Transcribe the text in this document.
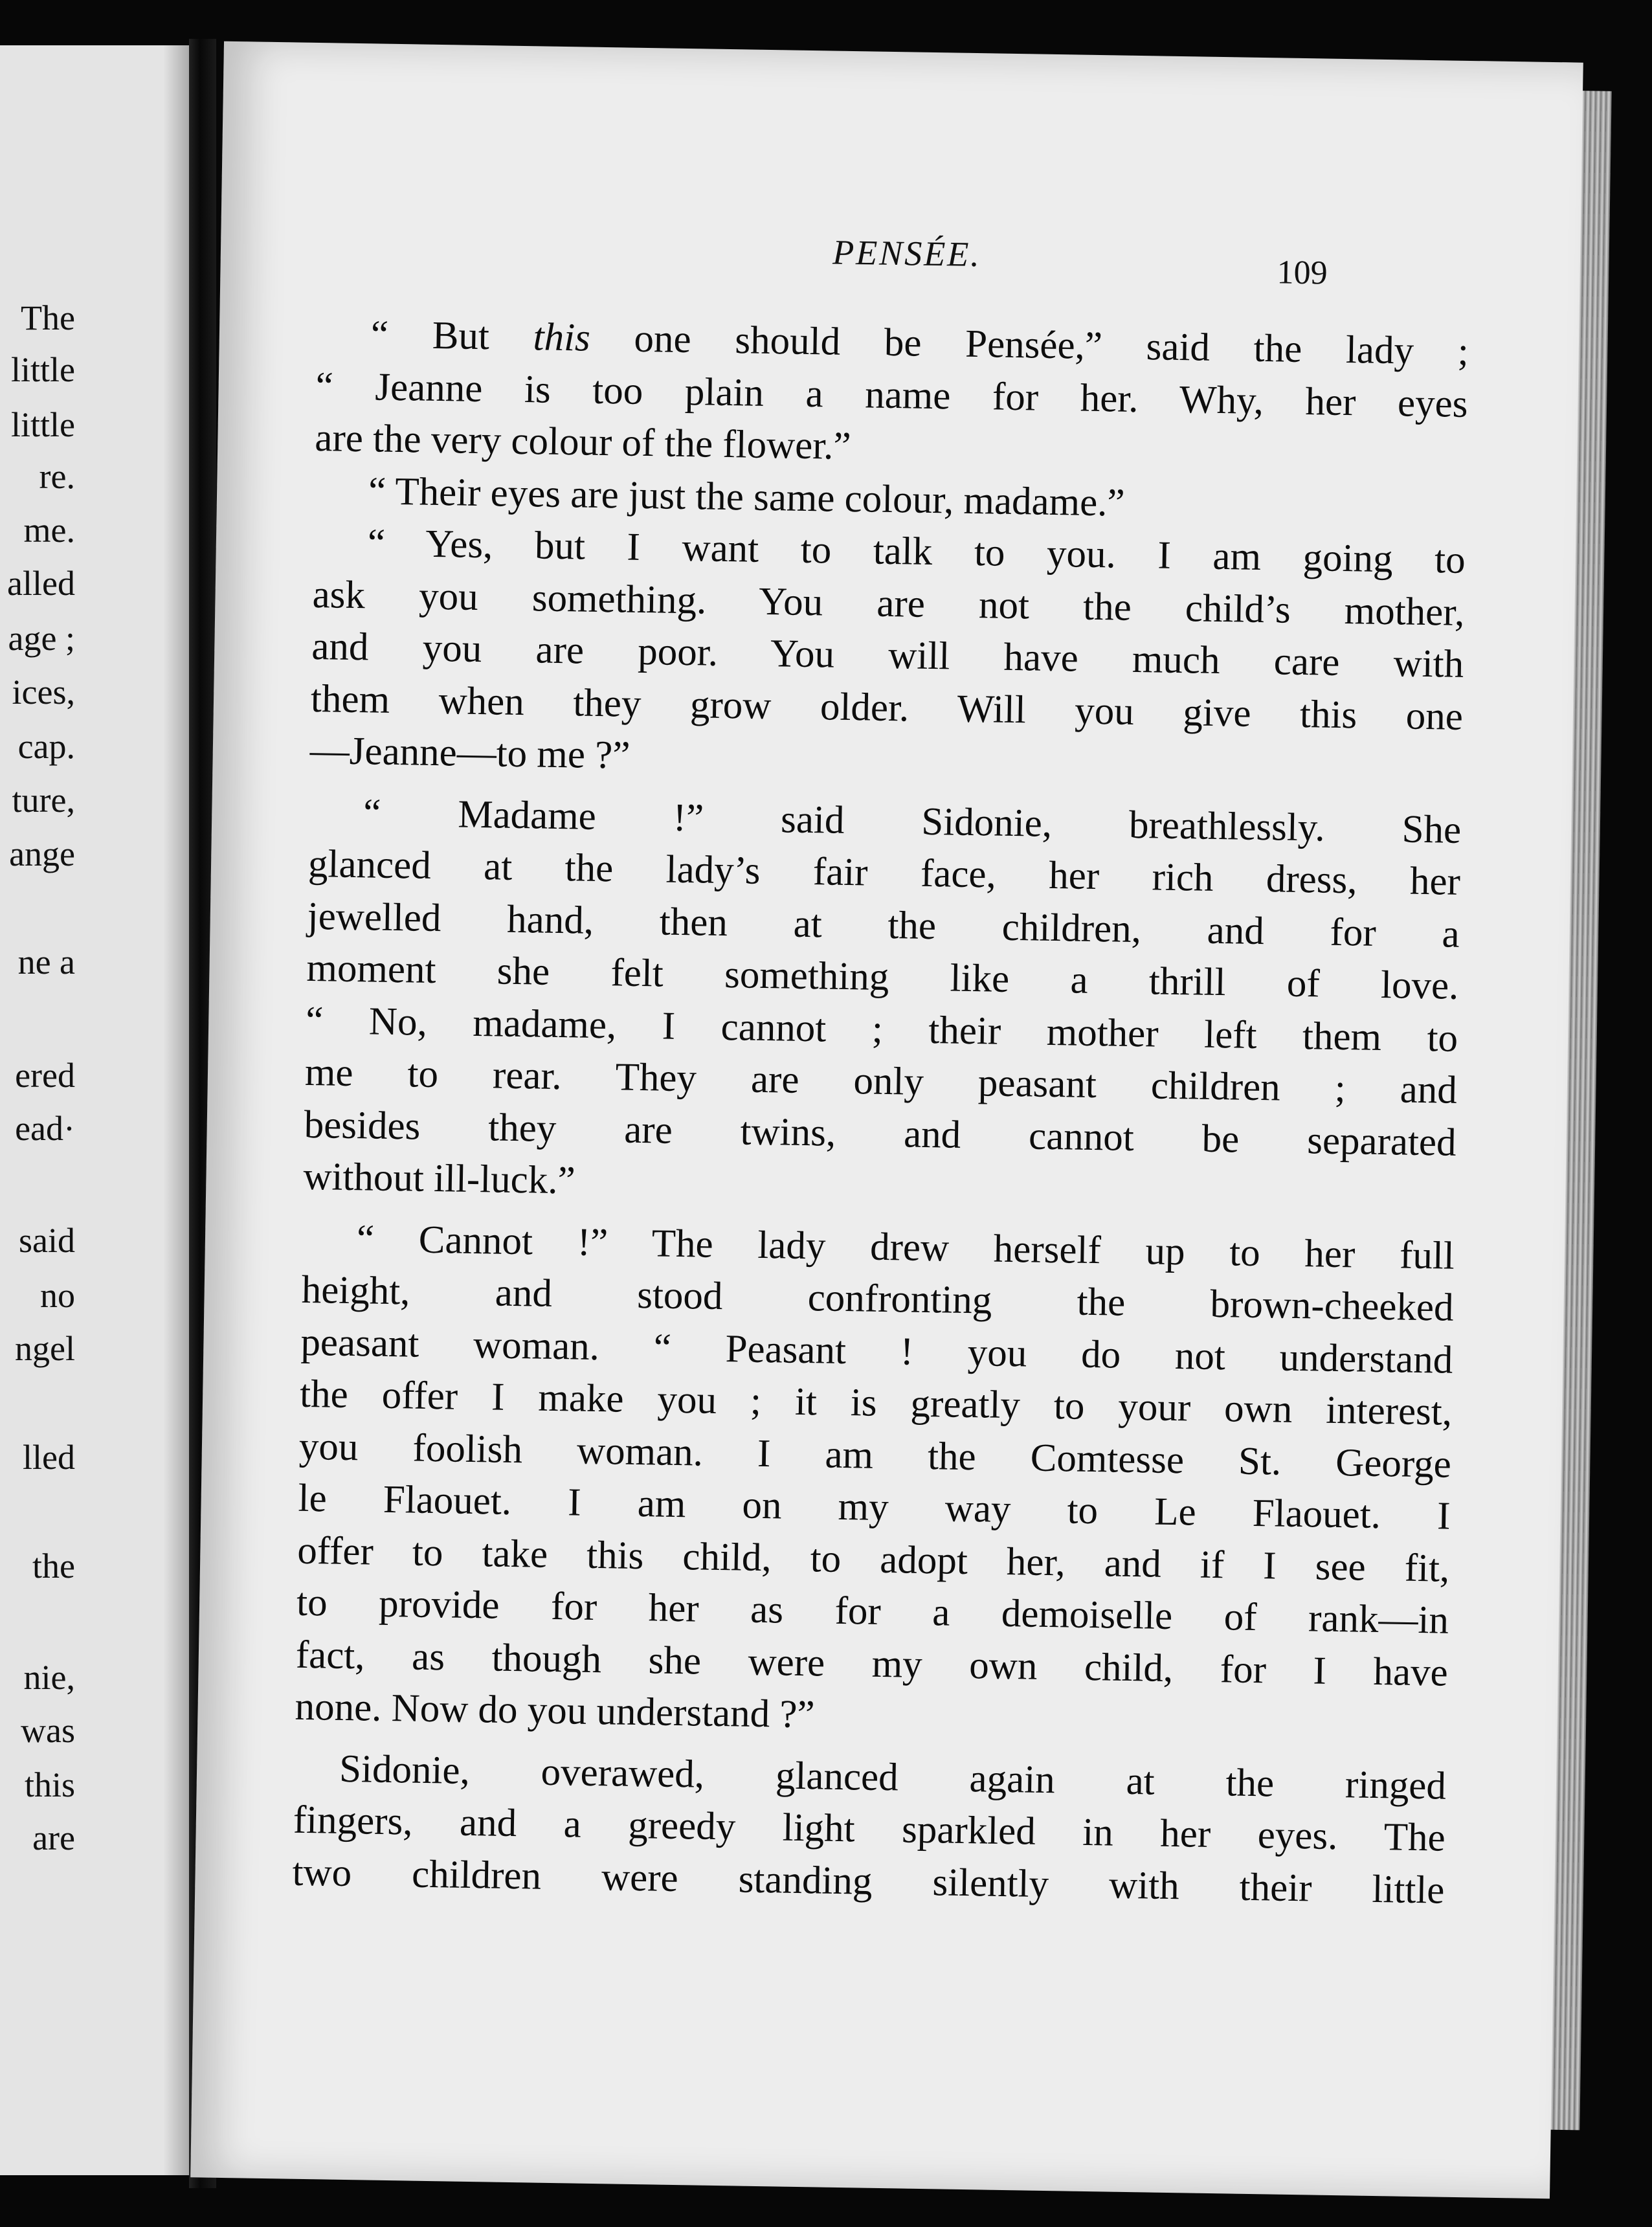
The
little
little
re.
me.
alled
age ;
ices,
cap.
ture,
ange
ne a
ered
ead·
said
no
ngel
lled
the
nie,
was
this
are
PENSÉE.	109
“ But this one should be Pensée,” said the lady ;
“ Jeanne is too plain a name for her. Why, her eyes
are the very colour of the flower.”
“ Their eyes are just the same colour, madame.”
“ Yes, but I want to talk to you. I am going to
ask you something. You are not the child’s mother,
and you are poor. You will have much care with
them when they grow older. Will you give this one
—Jeanne—to me ?”
“ Madame !” said Sidonie, breathlessly. She
glanced at the lady’s fair face, her rich dress, her
jewelled hand, then at the children, and for a
moment she felt something like a thrill of love.
“ No, madame, I cannot ; their mother left them to
me to rear. They are only peasant children ; and
besides they are twins, and cannot be separated
without ill-luck.”
“ Cannot !” The lady drew herself up to her full
height, and stood confronting the brown-cheeked
peasant woman. “ Peasant ! you do not understand
the offer I make you ; it is greatly to your own interest,
you foolish woman. I am the Comtesse St. George
le Flaouet. I am on my way to Le Flaouet. I
offer to take this child, to adopt her, and if I see fit,
to provide for her as for a demoiselle of rank—in
fact, as though she were my own child, for I have
none. Now do you understand ?”
Sidonie, overawed, glanced again at the ringed
fingers, and a greedy light sparkled in her eyes. The
two children were standing silently with their little
